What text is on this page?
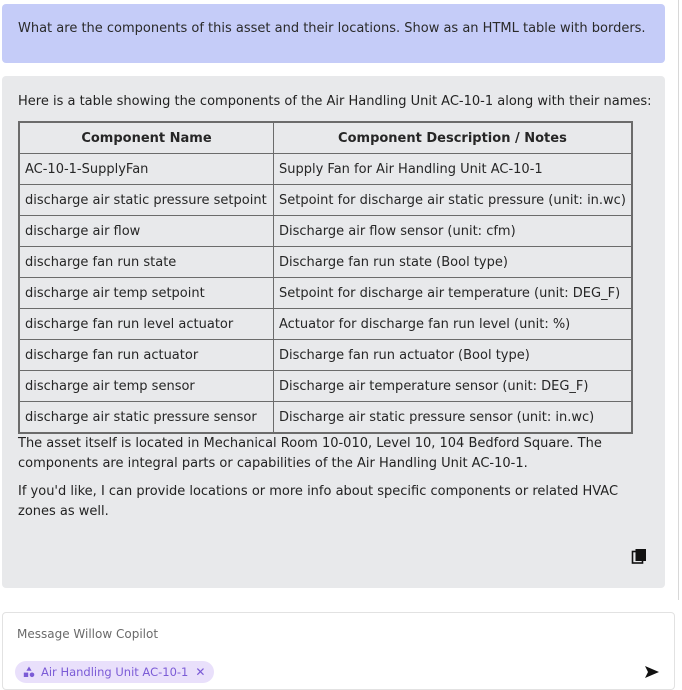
What are the components of this asset and their locations. Show as an HTML table with borders.

Here is a table showing the components of the Air Handling Unit AC-10-1 along with their names:

Component Name	Component Description / Notes
AC-10-1-SupplyFan	Supply Fan for Air Handling Unit AC-10-1
discharge air static pressure setpoint	Setpoint for discharge air static pressure (unit: in.wc)
discharge air flow	Discharge air flow sensor (unit: cfm)
discharge fan run state	Discharge fan run state (Bool type)
discharge air temp setpoint	Setpoint for discharge air temperature (unit: DEG_F)
discharge fan run level actuator	Actuator for discharge fan run level (unit: %)
discharge fan run actuator	Discharge fan run actuator (Bool type)
discharge air temp sensor	Discharge air temperature sensor (unit: DEG_F)
discharge air static pressure sensor	Discharge air static pressure sensor (unit: in.wc)

The asset itself is located in Mechanical Room 10-010, Level 10, 104 Bedford Square. The components are integral parts or capabilities of the Air Handling Unit AC-10-1.

If you'd like, I can provide locations or more info about specific components or related HVAC zones as well.

Message Willow Copilot
Air Handling Unit AC-10-1 ✕
